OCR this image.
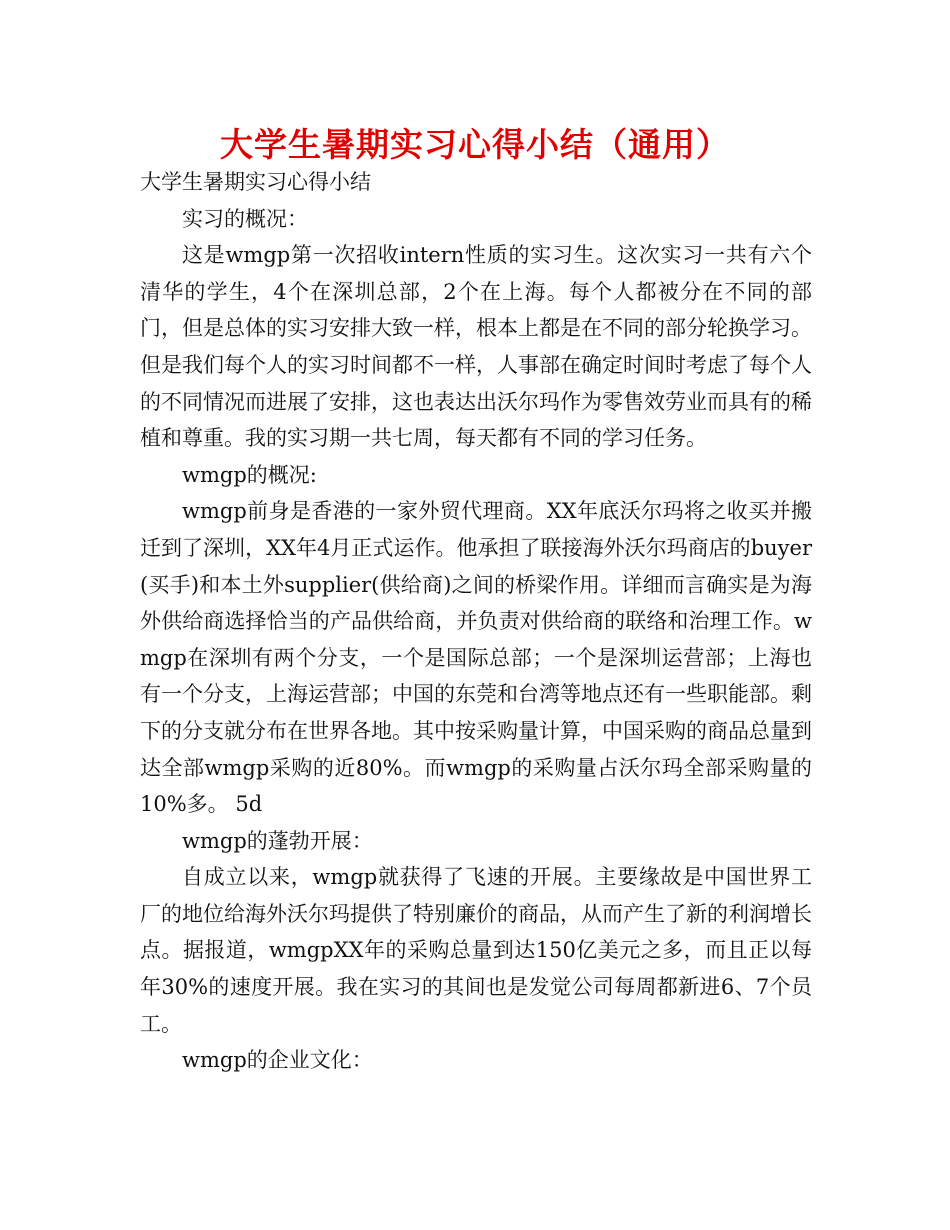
大学生暑期实习心得小结（通用）

大学生暑期实习心得小结

实习的概况：

这是wmgp第一次招收intern性质的实习生。这次实习一共有六个清华的学生，4个在深圳总部，2个在上海。每个人都被分在不同的部门，但是总体的实习安排大致一样，根本上都是在不同的部分轮换学习。但是我们每个人的实习时间都不一样，人事部在确定时间时考虑了每个人的不同情况而进展了安排，这也表达出沃尔玛作为零售效劳业而具有的稀植和尊重。我的实习期一共七周，每天都有不同的学习任务。

wmgp的概况:

wmgp前身是香港的一家外贸代理商。XX年底沃尔玛将之收买并搬迁到了深圳，XX年4月正式运作。他承担了联接海外沃尔玛商店的buyer(买手)和本土外supplier(供给商)之间的桥梁作用。详细而言确实是为海外供给商选择恰当的产品供给商，并负责对供给商的联络和治理工作。wmgp在深圳有两个分支，一个是国际总部；一个是深圳运营部；上海也有一个分支，上海运营部；中国的东莞和台湾等地点还有一些职能部。剩下的分支就分布在世界各地。其中按采购量计算，中国采购的商品总量到达全部wmgp采购的近80%。而wmgp的采购量占沃尔玛全部采购量的10%多。 5d

wmgp的蓬勃开展：

自成立以来，wmgp就获得了飞速的开展。主要缘故是中国世界工厂的地位给海外沃尔玛提供了特别廉价的商品，从而产生了新的利润增长点。据报道，wmgpXX年的采购总量到达150亿美元之多，而且正以每年30%的速度开展。我在实习的其间也是发觉公司每周都新进6、7个员工。

wmgp的企业文化：
